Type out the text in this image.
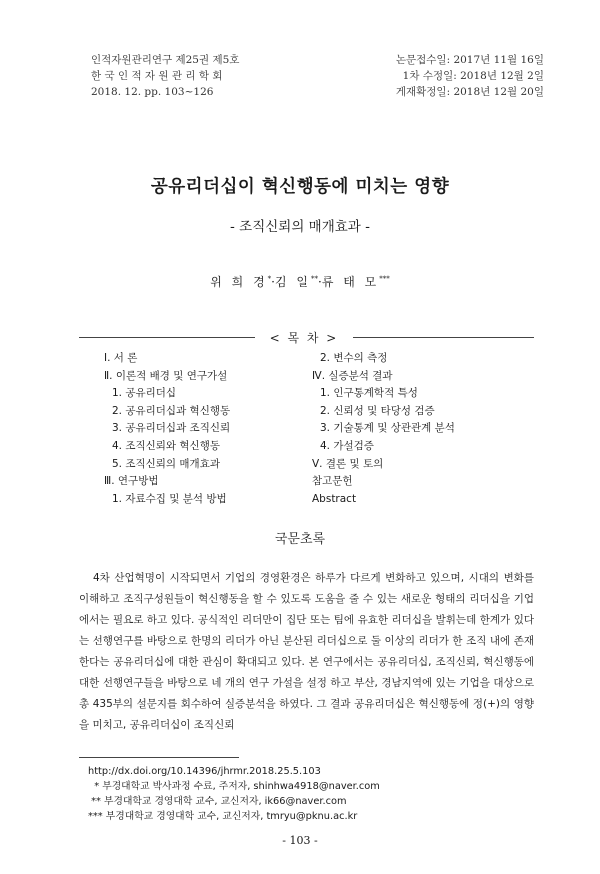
인적자원관리연구 제25권 제5호
한 국 인 적 자 원 관 리 학 회
2018. 12. pp. 103~126
논문접수일: 2017년 11월 16일
1차 수정일: 2018년 12월 2일
게재확정일: 2018년 12월 20일
공유리더십이 혁신행동에 미치는 영향
- 조직신뢰의 매개효과 -
위 희 경*·김 일**·류 태 모***
< 목 차 >
Ⅰ. 서 론
Ⅱ. 이론적 배경 및 연구가설
1. 공유리더십
2. 공유리더십과 혁신행동
3. 공유리더십과 조직신뢰
4. 조직신뢰와 혁신행동
5. 조직신뢰의 매개효과
Ⅲ. 연구방법
1. 자료수집 및 분석 방법
2. 변수의 측정
Ⅳ. 실증분석 결과
1. 인구통계학적 특성
2. 신뢰성 및 타당성 검증
3. 기술통계 및 상관관계 분석
4. 가설검증
Ⅴ. 결론 및 토의
참고문헌
Abstract
국문초록
4차 산업혁명이 시작되면서 기업의 경영환경은 하루가 다르게 변화하고 있으며, 시대의 변화를 이해하고 조직구성원들이 혁신행동을 할 수 있도록 도움을 줄 수 있는 새로운 형태의 리더십을 기업에서는 필요로 하고 있다. 공식적인 리더만이 집단 또는 팀에 유효한 리더십을 발휘는데 한계가 있다는 선행연구를 바탕으로 한명의 리더가 아닌 분산된 리더십으로 둘 이상의 리더가 한 조직 내에 존재 한다는 공유리더십에 대한 관심이 확대되고 있다. 본 연구에서는 공유리더십, 조직신뢰, 혁신행동에 대한 선행연구들을 바탕으로 네 개의 연구 가설을 설정 하고 부산, 경남지역에 있는 기업을 대상으로 총 435부의 설문지를 회수하여 실증분석을 하였다. 그 결과 공유리더십은 혁신행동에 정(+)의 영향을 미치고, 공유리더십이 조직신뢰
http://dx.doi.org/10.14396/jhrmr.2018.25.5.103
* 부경대학교 박사과정 수료, 주저자, shinhwa4918@naver.com
** 부경대학교 경영대학 교수, 교신저자, ik66@naver.com
*** 부경대학교 경영대학 교수, 교신저자, tmryu@pknu.ac.kr
- 103 -
